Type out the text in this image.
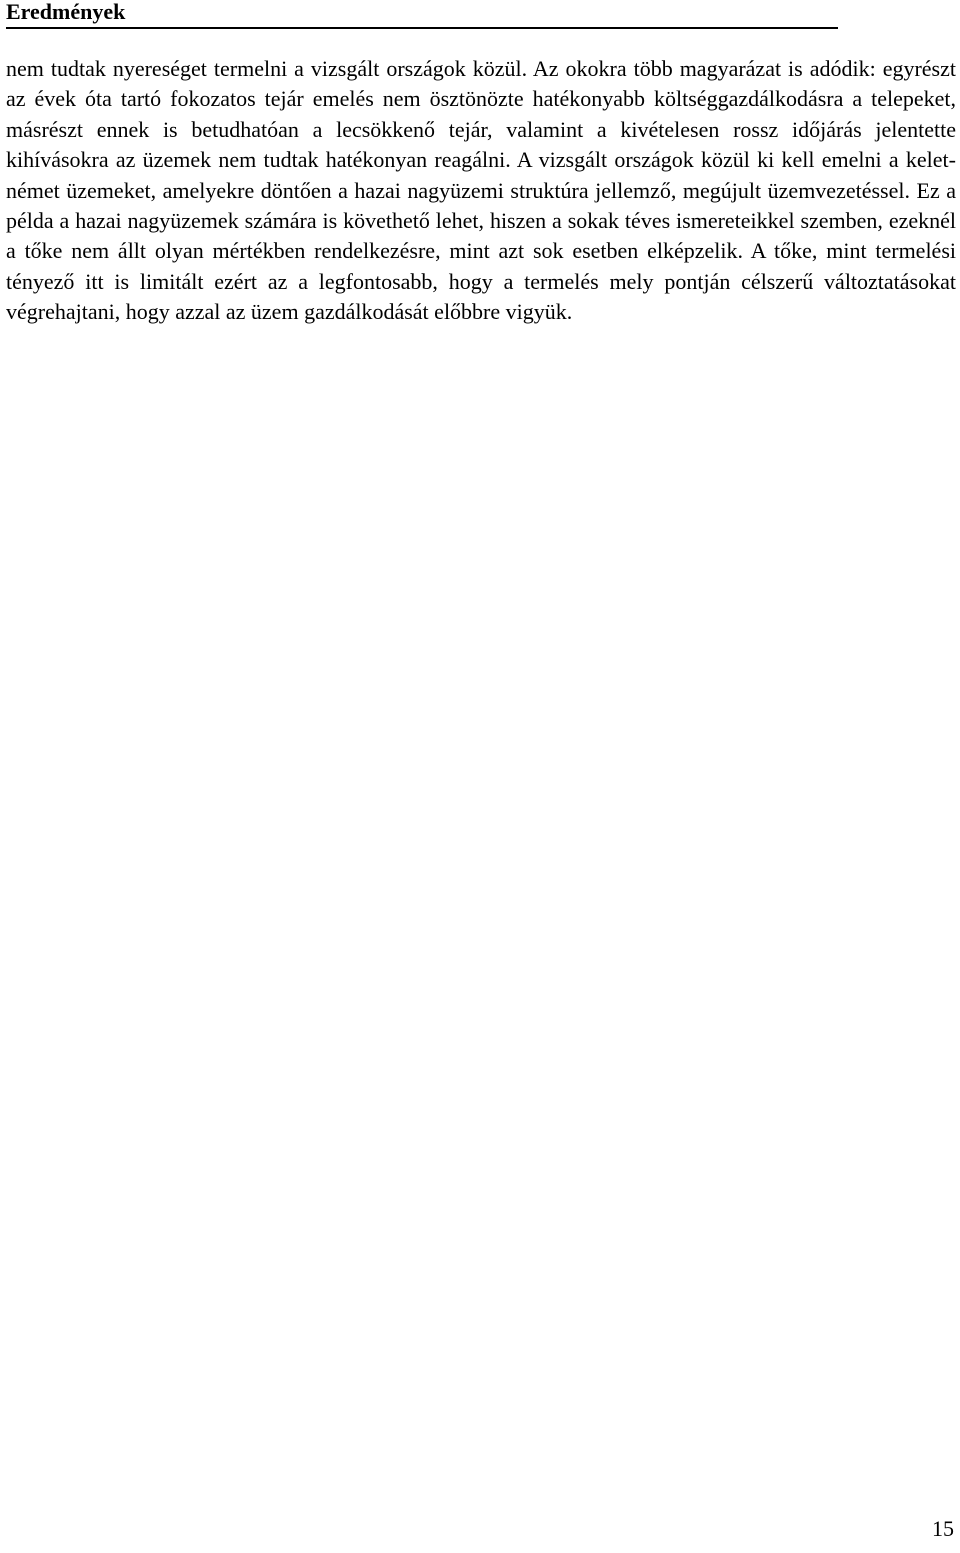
Eredmények

nem tudtak nyereséget termelni a vizsgált országok közül. Az okokra több magyarázat is adódik: egyrészt az évek óta tartó fokozatos tejár emelés nem ösztönözte hatékonyabb költséggazdálkodásra a telepeket, másrészt ennek is betudhatóan a lecsökkenő tejár, valamint a kivételesen rossz időjárás jelentette kihívásokra az üzemek nem tudtak hatékonyan reagálni. A vizsgált országok közül ki kell emelni a kelet-német üzemeket, amelyekre döntően a hazai nagyüzemi struktúra jellemző, megújult üzemvezetéssel. Ez a példa a hazai nagyüzemek számára is követhető lehet, hiszen a sokak téves ismereteikkel szemben, ezeknél a tőke nem állt olyan mértékben rendelkezésre, mint azt sok esetben elképzelik. A tőke, mint termelési tényező itt is limitált ezért az a legfontosabb, hogy a termelés mely pontján célszerű változtatásokat végrehajtani, hogy azzal az üzem gazdálkodását előbbre vigyük.

15
